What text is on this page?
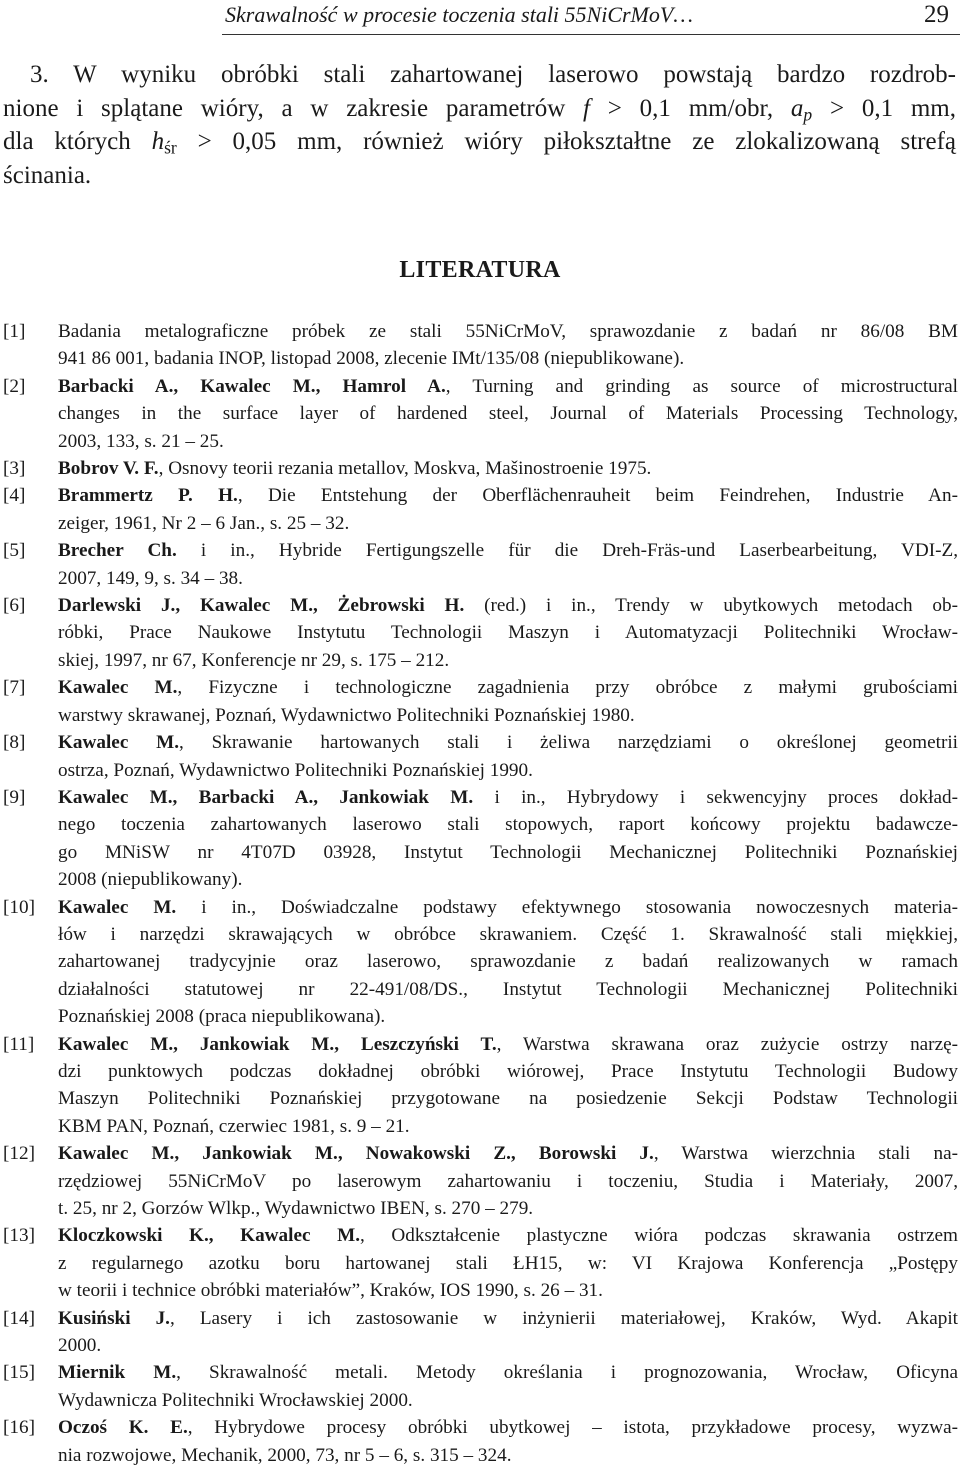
Skrawalność w procesie toczenia stali 55NiCrMoV…	29
3. W wyniku obróbki stali zahartowanej laserowo powstają bardzo rozdrob-
nione i splątane wióry, a w zakresie parametrów f > 0,1 mm/obr, $a_p > 0,1$ mm,
dla których $h_{śr} > 0,05$ mm, również wióry piłokształtne ze zlokalizowaną strefą
ścinania.
LITERATURA
[1] Badania metalograficzne próbek ze stali 55NiCrMoV, sprawozdanie z badań nr 86/08 BM
941 86 001, badania INOP, listopad 2008, zlecenie IMt/135/08 (niepublikowane).
[2] Barbacki A., Kawalec M., Hamrol A., Turning and grinding as source of microstructural
changes in the surface layer of hardened steel, Journal of Materials Processing Technology,
2003, 133, s. 21 – 25.
[3] Bobrov V. F., Osnovy teorii rezania metallov, Moskva, Mašinostroenie 1975.
[4] Brammertz P. H., Die Entstehung der Oberflächenrauheit beim Feindrehen, Industrie An-
zeiger, 1961, Nr 2 – 6 Jan., s. 25 – 32.
[5] Brecher Ch. i in., Hybride Fertigungszelle für die Dreh-Fräs-und Laserbearbeitung, VDI-Z,
2007, 149, 9, s. 34 – 38.
[6] Darlewski J., Kawalec M., Żebrowski H. (red.) i in., Trendy w ubytkowych metodach ob-
róbki, Prace Naukowe Instytutu Technologii Maszyn i Automatyzacji Politechniki Wrocław-
skiej, 1997, nr 67, Konferencje nr 29, s. 175 – 212.
[7] Kawalec M., Fizyczne i technologiczne zagadnienia przy obróbce z małymi grubościami
warstwy skrawanej, Poznań, Wydawnictwo Politechniki Poznańskiej 1980.
[8] Kawalec M., Skrawanie hartowanych stali i żeliwa narzędziami o określonej geometrii
ostrza, Poznań, Wydawnictwo Politechniki Poznańskiej 1990.
[9] Kawalec M., Barbacki A., Jankowiak M. i in., Hybrydowy i sekwencyjny proces dokład-
nego toczenia zahartowanych laserowo stali stopowych, raport końcowy projektu badawcze-
go MNiSW nr 4T07D 03928, Instytut Technologii Mechanicznej Politechniki Poznańskiej
2008 (niepublikowany).
[10] Kawalec M. i in., Doświadczalne podstawy efektywnego stosowania nowoczesnych materia-
łów i narzędzi skrawających w obróbce skrawaniem. Część 1. Skrawalność stali miękkiej,
zahartowanej tradycyjnie oraz laserowo, sprawozdanie z badań realizowanych w ramach
działalności statutowej nr 22-491/08/DS., Instytut Technologii Mechanicznej Politechniki
Poznańskiej 2008 (praca niepublikowana).
[11] Kawalec M., Jankowiak M., Leszczyński T., Warstwa skrawana oraz zużycie ostrzy narzę-
dzi punktowych podczas dokładnej obróbki wiórowej, Prace Instytutu Technologii Budowy
Maszyn Politechniki Poznańskiej przygotowane na posiedzenie Sekcji Podstaw Technologii
KBM PAN, Poznań, czerwiec 1981, s. 9 – 21.
[12] Kawalec M., Jankowiak M., Nowakowski Z., Borowski J., Warstwa wierzchnia stali na-
rzędziowej 55NiCrMoV po laserowym zahartowaniu i toczeniu, Studia i Materiały, 2007,
t. 25, nr 2, Gorzów Wlkp., Wydawnictwo IBEN, s. 270 – 279.
[13] Kloczkowski K., Kawalec M., Odkształcenie plastyczne wióra podczas skrawania ostrzem
z regularnego azotku boru hartowanej stali ŁH15, w: VI Krajowa Konferencja „Postępy
w teorii i technice obróbki materiałów”, Kraków, IOS 1990, s. 26 – 31.
[14] Kusiński J., Lasery i ich zastosowanie w inżynierii materiałowej, Kraków, Wyd. Akapit
2000.
[15] Miernik M., Skrawalność metali. Metody określania i prognozowania, Wrocław, Oficyna
Wydawnicza Politechniki Wrocławskiej 2000.
[16] Oczoś K. E., Hybrydowe procesy obróbki ubytkowej – istota, przykładowe procesy, wyzwa-
nia rozwojowe, Mechanik, 2000, 73, nr 5 – 6, s. 315 – 324.
